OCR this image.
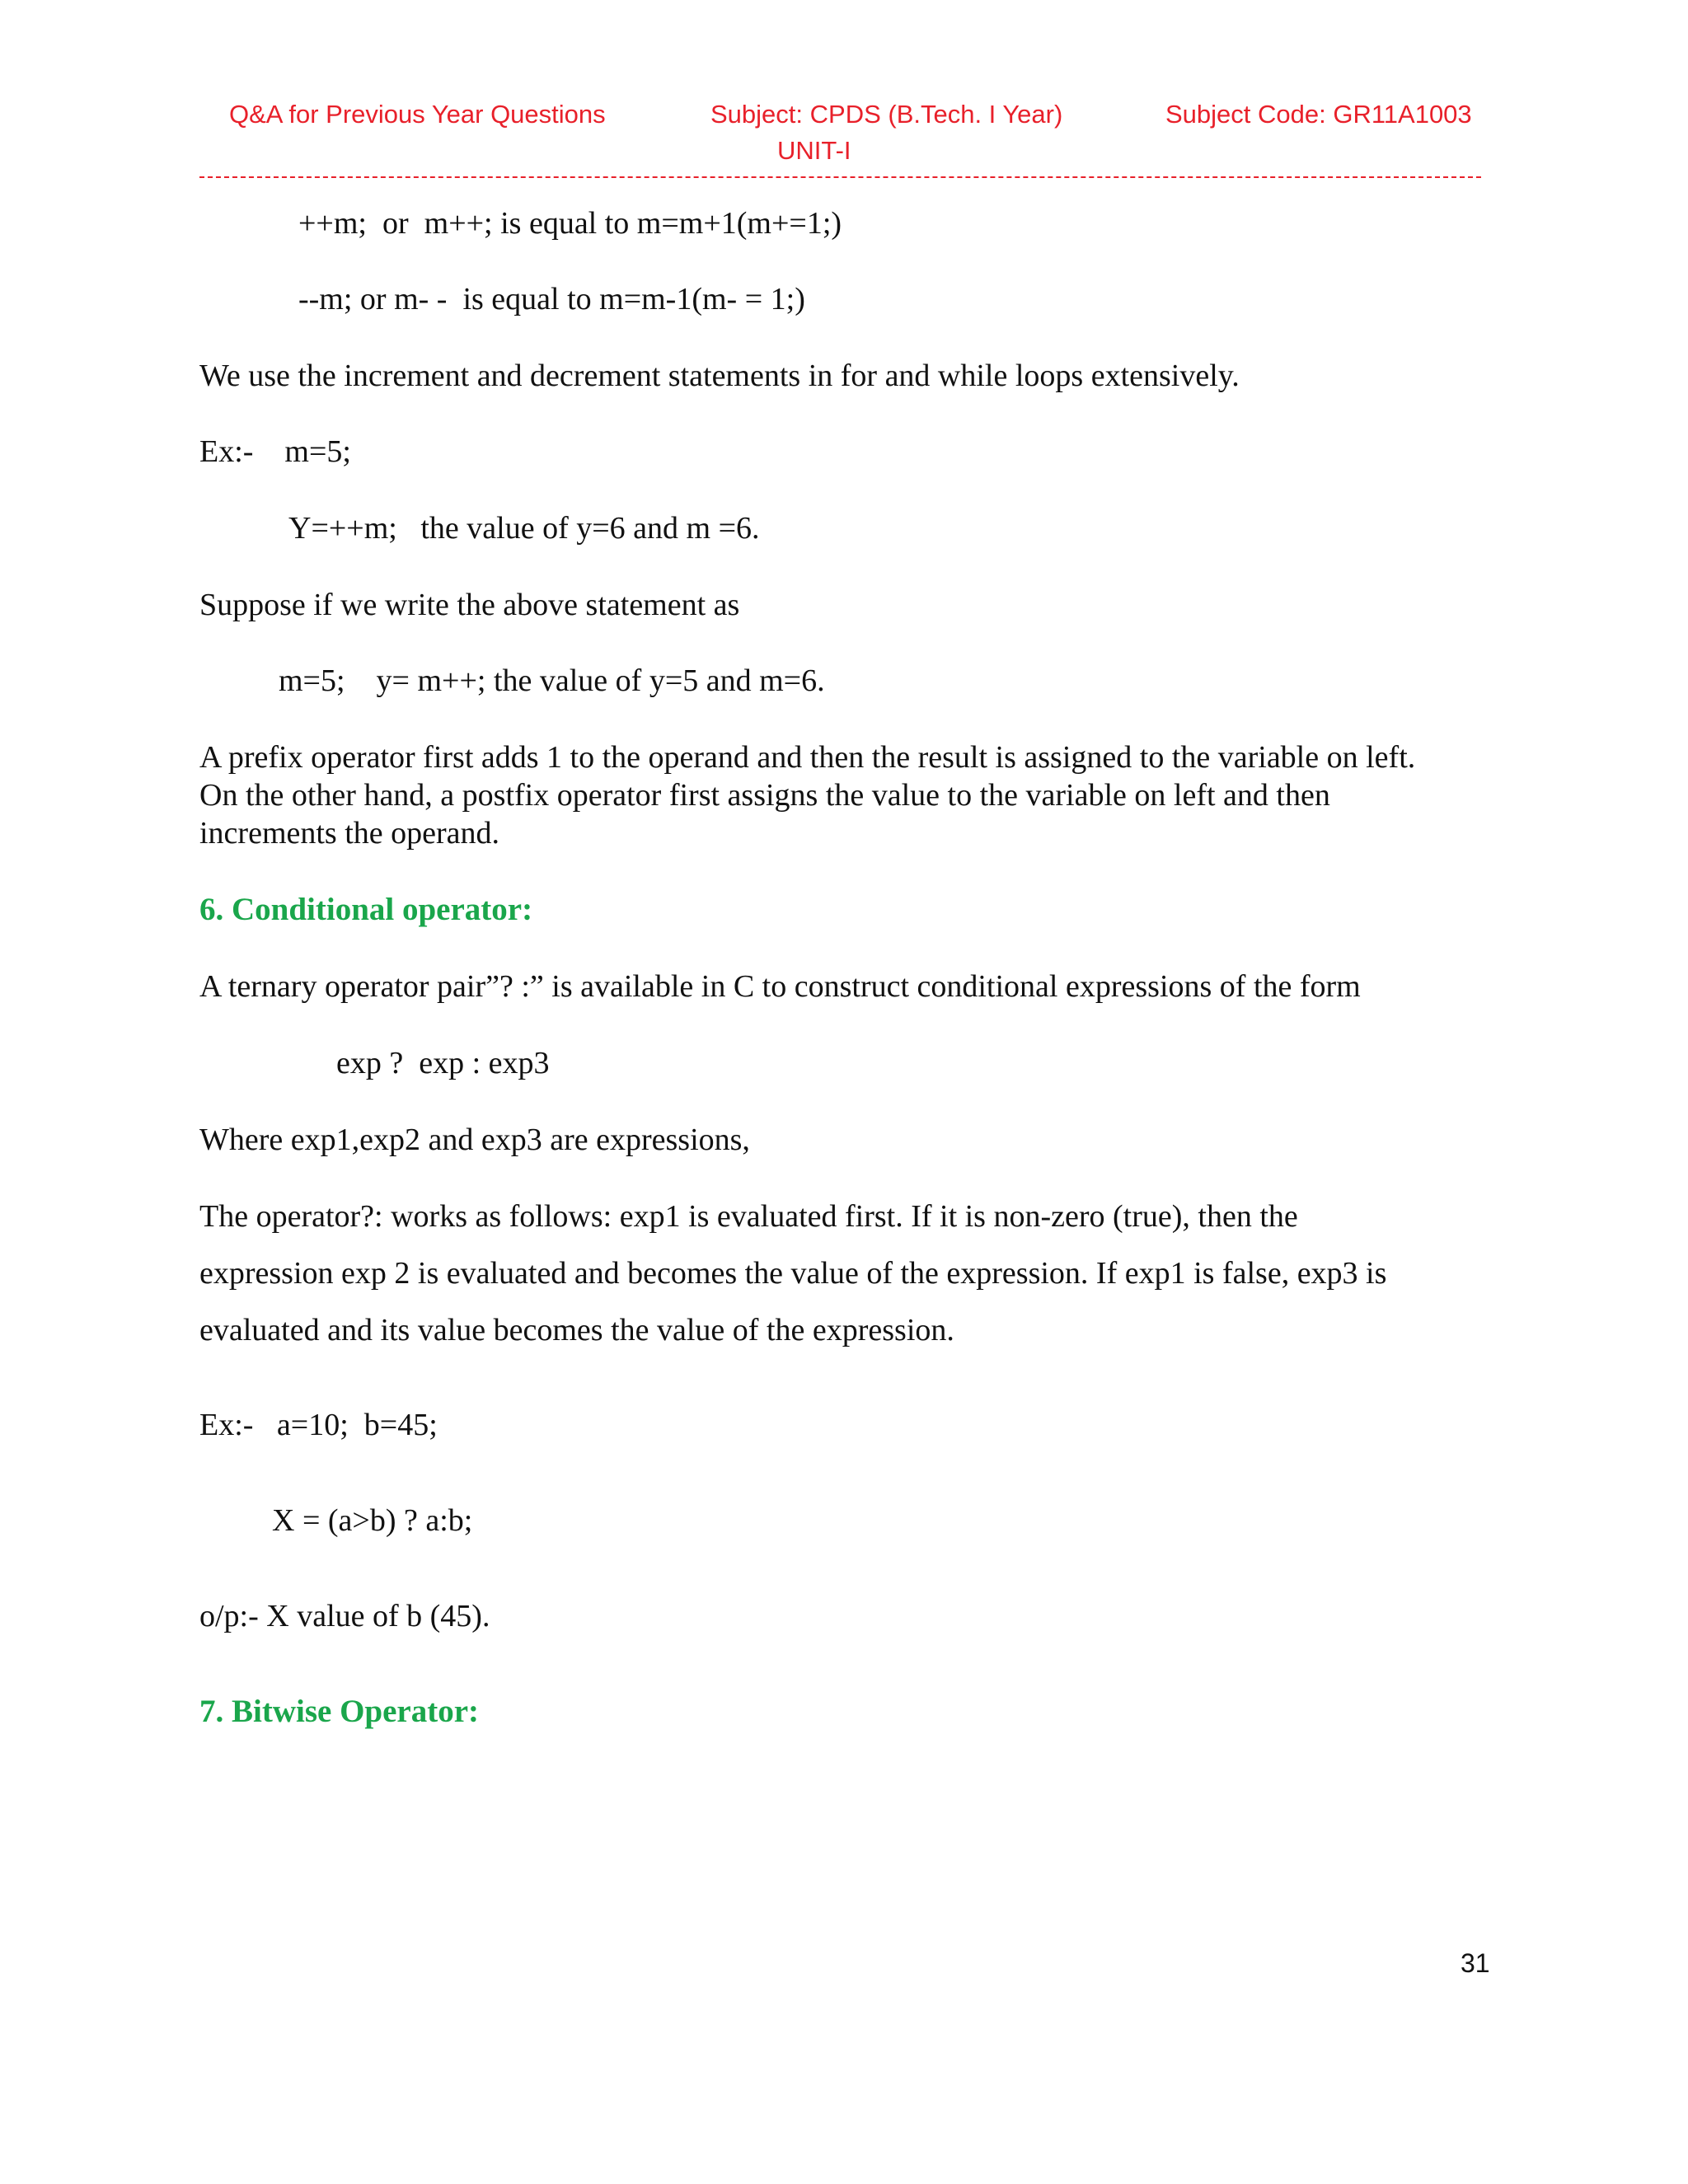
Q&A for Previous Year Questions	Subject: CPDS (B.Tech. I Year)	Subject Code: GR11A1003
UNIT-I
++m;  or  m++; is equal to m=m+1(m+=1;)
--m; or m- -  is equal to m=m-1(m- = 1;)
We use the increment and decrement statements in for and while loops extensively.
Ex:-    m=5;
Y=++m;   the value of y=6 and m =6.
Suppose if we write the above statement as
m=5;    y= m++; the value of y=5 and m=6.
A prefix operator first adds 1 to the operand and then the result is assigned to the variable on left.
On the other hand, a postfix operator first assigns the value to the variable on left and then
increments the operand.
6. Conditional operator:
A ternary operator pair”? :” is available in C to construct conditional expressions of the form
exp ?  exp : exp3
Where exp1,exp2 and exp3 are expressions,
The operator?: works as follows: exp1 is evaluated first. If it is non-zero (true), then the
expression exp 2 is evaluated and becomes the value of the expression. If exp1 is false, exp3 is
evaluated and its value becomes the value of the expression.
Ex:-   a=10;  b=45;
X = (a>b) ? a:b;
o/p:- X value of b (45).
7. Bitwise Operator:
31
